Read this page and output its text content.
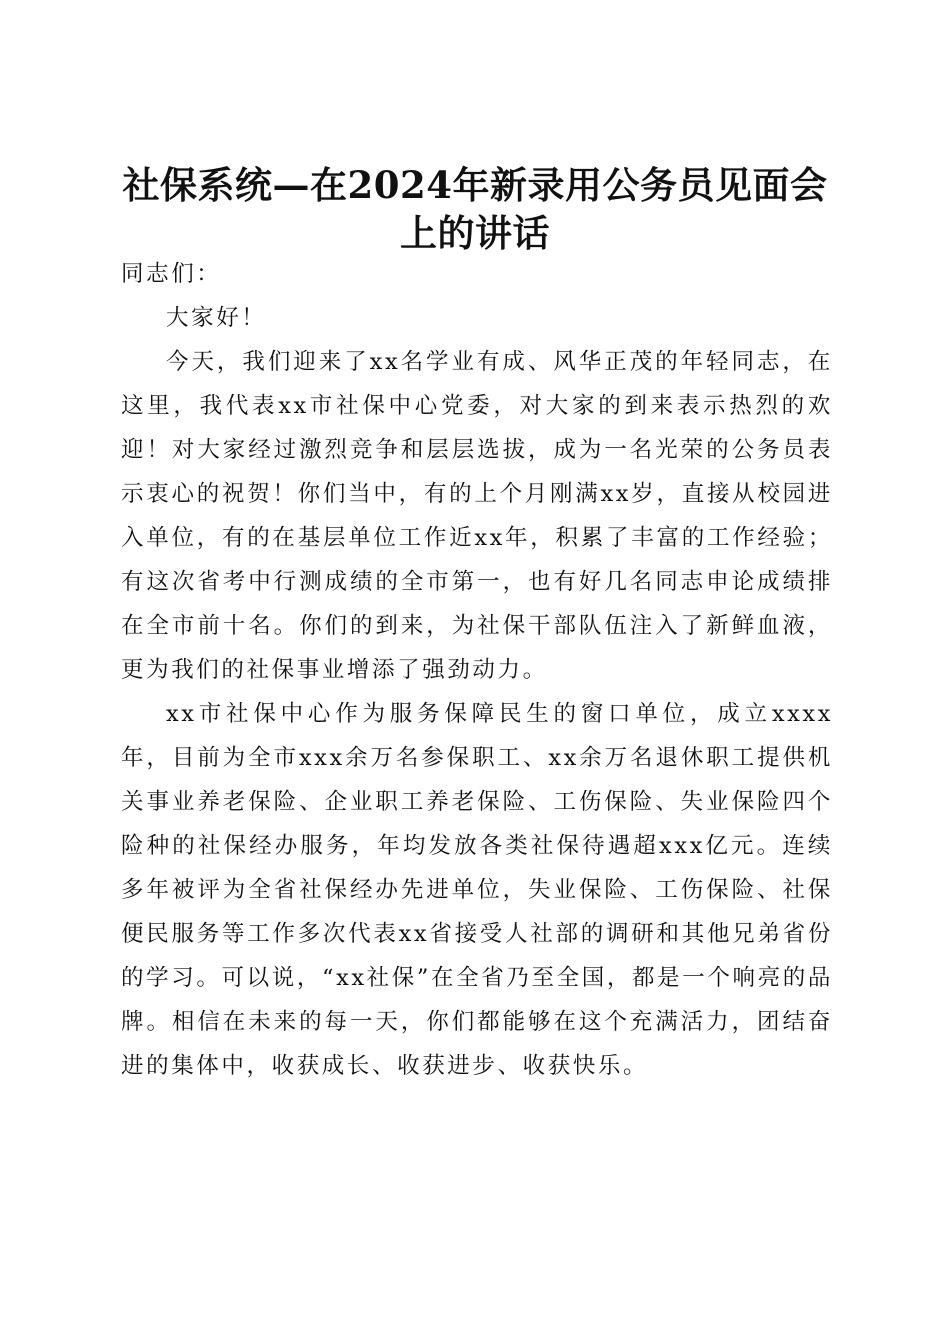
社保系统—在2024年新录用公务员见面会上的讲话

同志们：

大家好！

今天，我们迎来了xx名学业有成、风华正茂的年轻同志，在这里，我代表xx市社保中心党委，对大家的到来表示热烈的欢迎！对大家经过激烈竞争和层层选拔，成为一名光荣的公务员表示衷心的祝贺！你们当中，有的上个月刚满xx岁，直接从校园进入单位，有的在基层单位工作近xx年，积累了丰富的工作经验；有这次省考中行测成绩的全市第一，也有好几名同志申论成绩排在全市前十名。你们的到来，为社保干部队伍注入了新鲜血液，更为我们的社保事业增添了强劲动力。

xx市社保中心作为服务保障民生的窗口单位，成立xxxx年，目前为全市xxx余万名参保职工、xx余万名退休职工提供机关事业养老保险、企业职工养老保险、工伤保险、失业保险四个险种的社保经办服务，年均发放各类社保待遇超xxx亿元。连续多年被评为全省社保经办先进单位，失业保险、工伤保险、社保便民服务等工作多次代表xx省接受人社部的调研和其他兄弟省份的学习。可以说，“xx社保”在全省乃至全国，都是一个响亮的品牌。相信在未来的每一天，你们都能够在这个充满活力，团结奋进的集体中，收获成长、收获进步、收获快乐。
